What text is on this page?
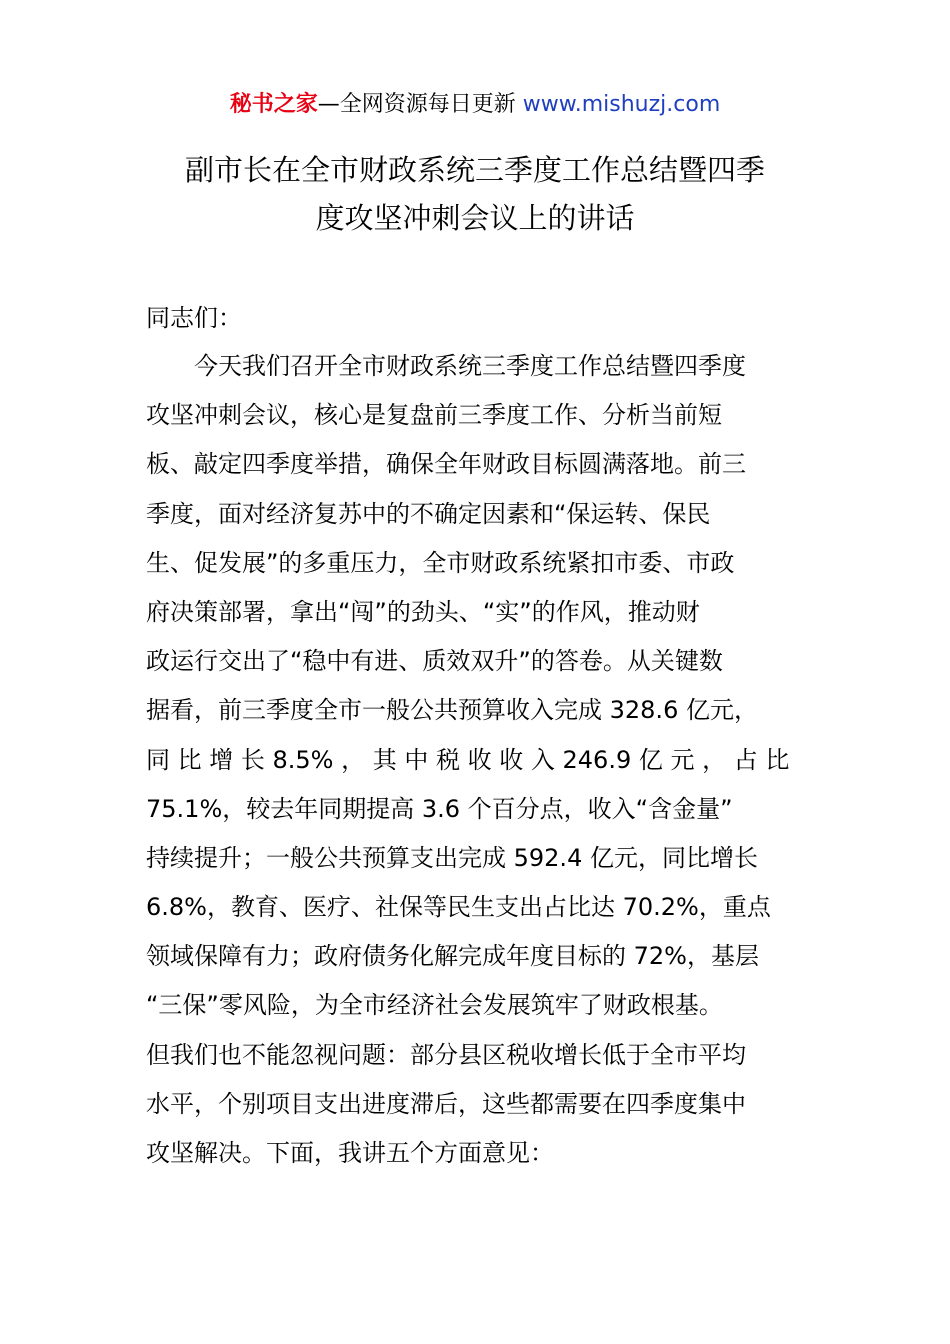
秘书之家—全网资源每日更新 www.mishuzj.com
副市长在全市财政系统三季度工作总结暨四季
度攻坚冲刺会议上的讲话
同志们：
今天我们召开全市财政系统三季度工作总结暨四季度
攻坚冲刺会议，核心是复盘前三季度工作、分析当前短
板、敲定四季度举措，确保全年财政目标圆满落地。前三
季度，面对经济复苏中的不确定因素和“保运转、保民
生、促发展”的多重压力，全市财政系统紧扣市委、市政
府决策部署，拿出“闯”的劲头、“实”的作风，推动财
政运行交出了“稳中有进、质效双升”的答卷。从关键数
据看，前三季度全市一般公共预算收入完成 328.6 亿元，
同 比 增 长 8.5% ， 其 中 税 收 收 入 246.9 亿 元 ， 占 比
75.1%，较去年同期提高 3.6 个百分点，收入“含金量”
持续提升；一般公共预算支出完成 592.4 亿元，同比增长
6.8%，教育、医疗、社保等民生支出占比达 70.2%，重点
领域保障有力；政府债务化解完成年度目标的 72%，基层
“三保”零风险，为全市经济社会发展筑牢了财政根基。
但我们也不能忽视问题：部分县区税收增长低于全市平均
水平，个别项目支出进度滞后，这些都需要在四季度集中
攻坚解决。下面，我讲五个方面意见：
